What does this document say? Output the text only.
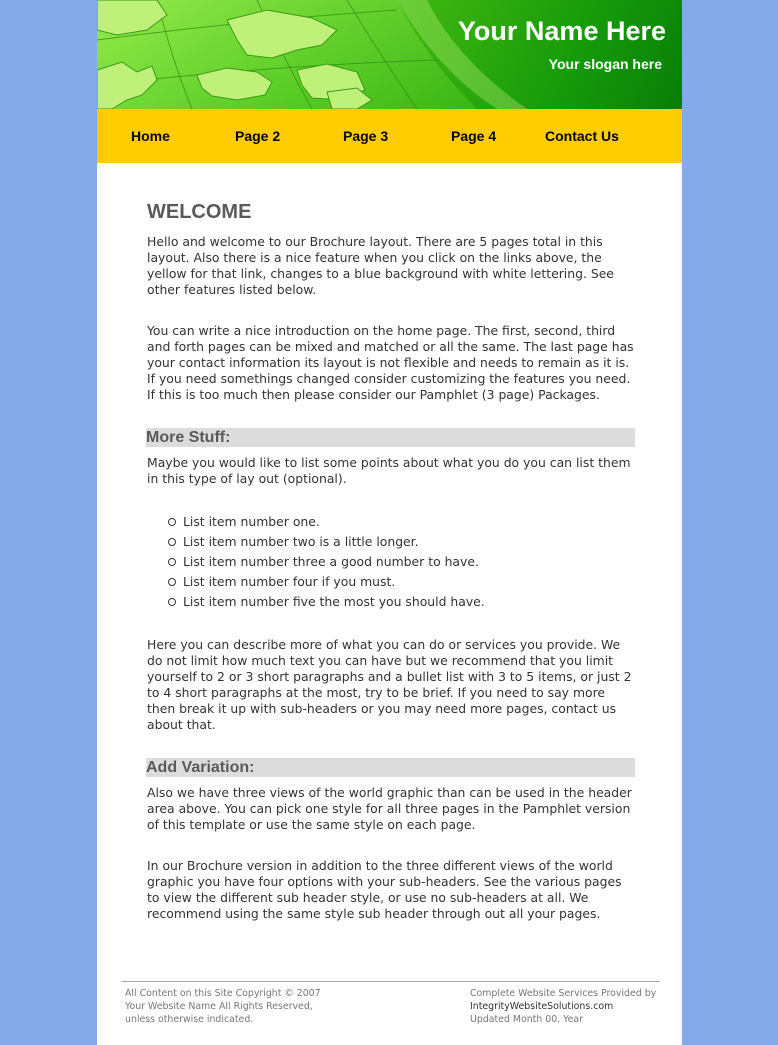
Your Name Here
Your slogan here
Home	Page 2	Page 3	Page 4	Contact Us
WELCOME

Hello and welcome to our Brochure layout. There are 5 pages total in this layout. Also there is a nice feature when you click on the links above, the yellow for that link, changes to a blue background with white lettering. See other features listed below.

You can write a nice introduction on the home page. The first, second, third and forth pages can be mixed and matched or all the same. The last page has your contact information its layout is not flexible and needs to remain as it is. If you need somethings changed consider customizing the features you need. If this is too much then please consider our Pamphlet (3 page) Packages.

More Stuff:

Maybe you would like to list some points about what you do you can list them in this type of lay out (optional).

List item number one.
List item number two is a little longer.
List item number three a good number to have.
List item number four if you must.
List item number five the most you should have.

Here you can describe more of what you can do or services you provide. We do not limit how much text you can have but we recommend that you limit yourself to 2 or 3 short paragraphs and a bullet list with 3 to 5 items, or just 2 to 4 short paragraphs at the most, try to be brief. If you need to say more then break it up with sub-headers or you may need more pages, contact us about that.

Add Variation:

Also we have three views of the world graphic than can be used in the header area above. You can pick one style for all three pages in the Pamphlet version of this template or use the same style on each page.

In our Brochure version in addition to the three different views of the world graphic you have four options with your sub-headers. See the various pages to view the different sub header style, or use no sub-headers at all. We recommend using the same style sub header through out all your pages.

All Content on this Site Copyright © 2007
Your Website Name All Rights Reserved,
unless otherwise indicated.
Complete Website Services Provided by
IntegrityWebsiteSolutions.com
Updated Month 00, Year
